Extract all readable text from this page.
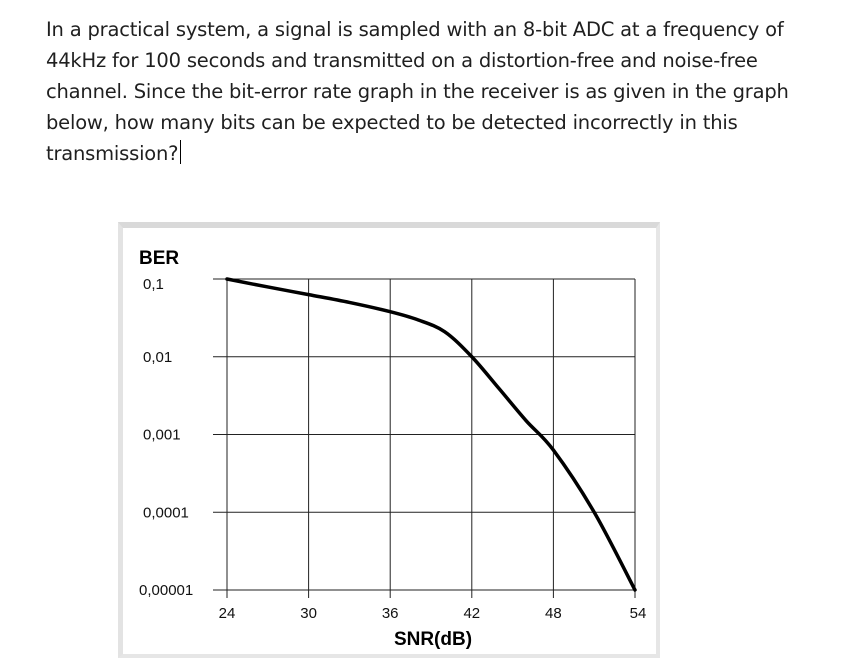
In a practical system, a signal is sampled with an 8-bit ADC at a frequency of 44kHz for 100 seconds and transmitted on a distortion-free and noise-free channel. Since the bit-error rate graph in the receiver is as given in the graph below, how many bits can be expected to be detected incorrectly in this transmission?
24	30	36	42	48	54
0,1
0,01
0,001
0,0001
0,00001
BER
SNR(dB)
